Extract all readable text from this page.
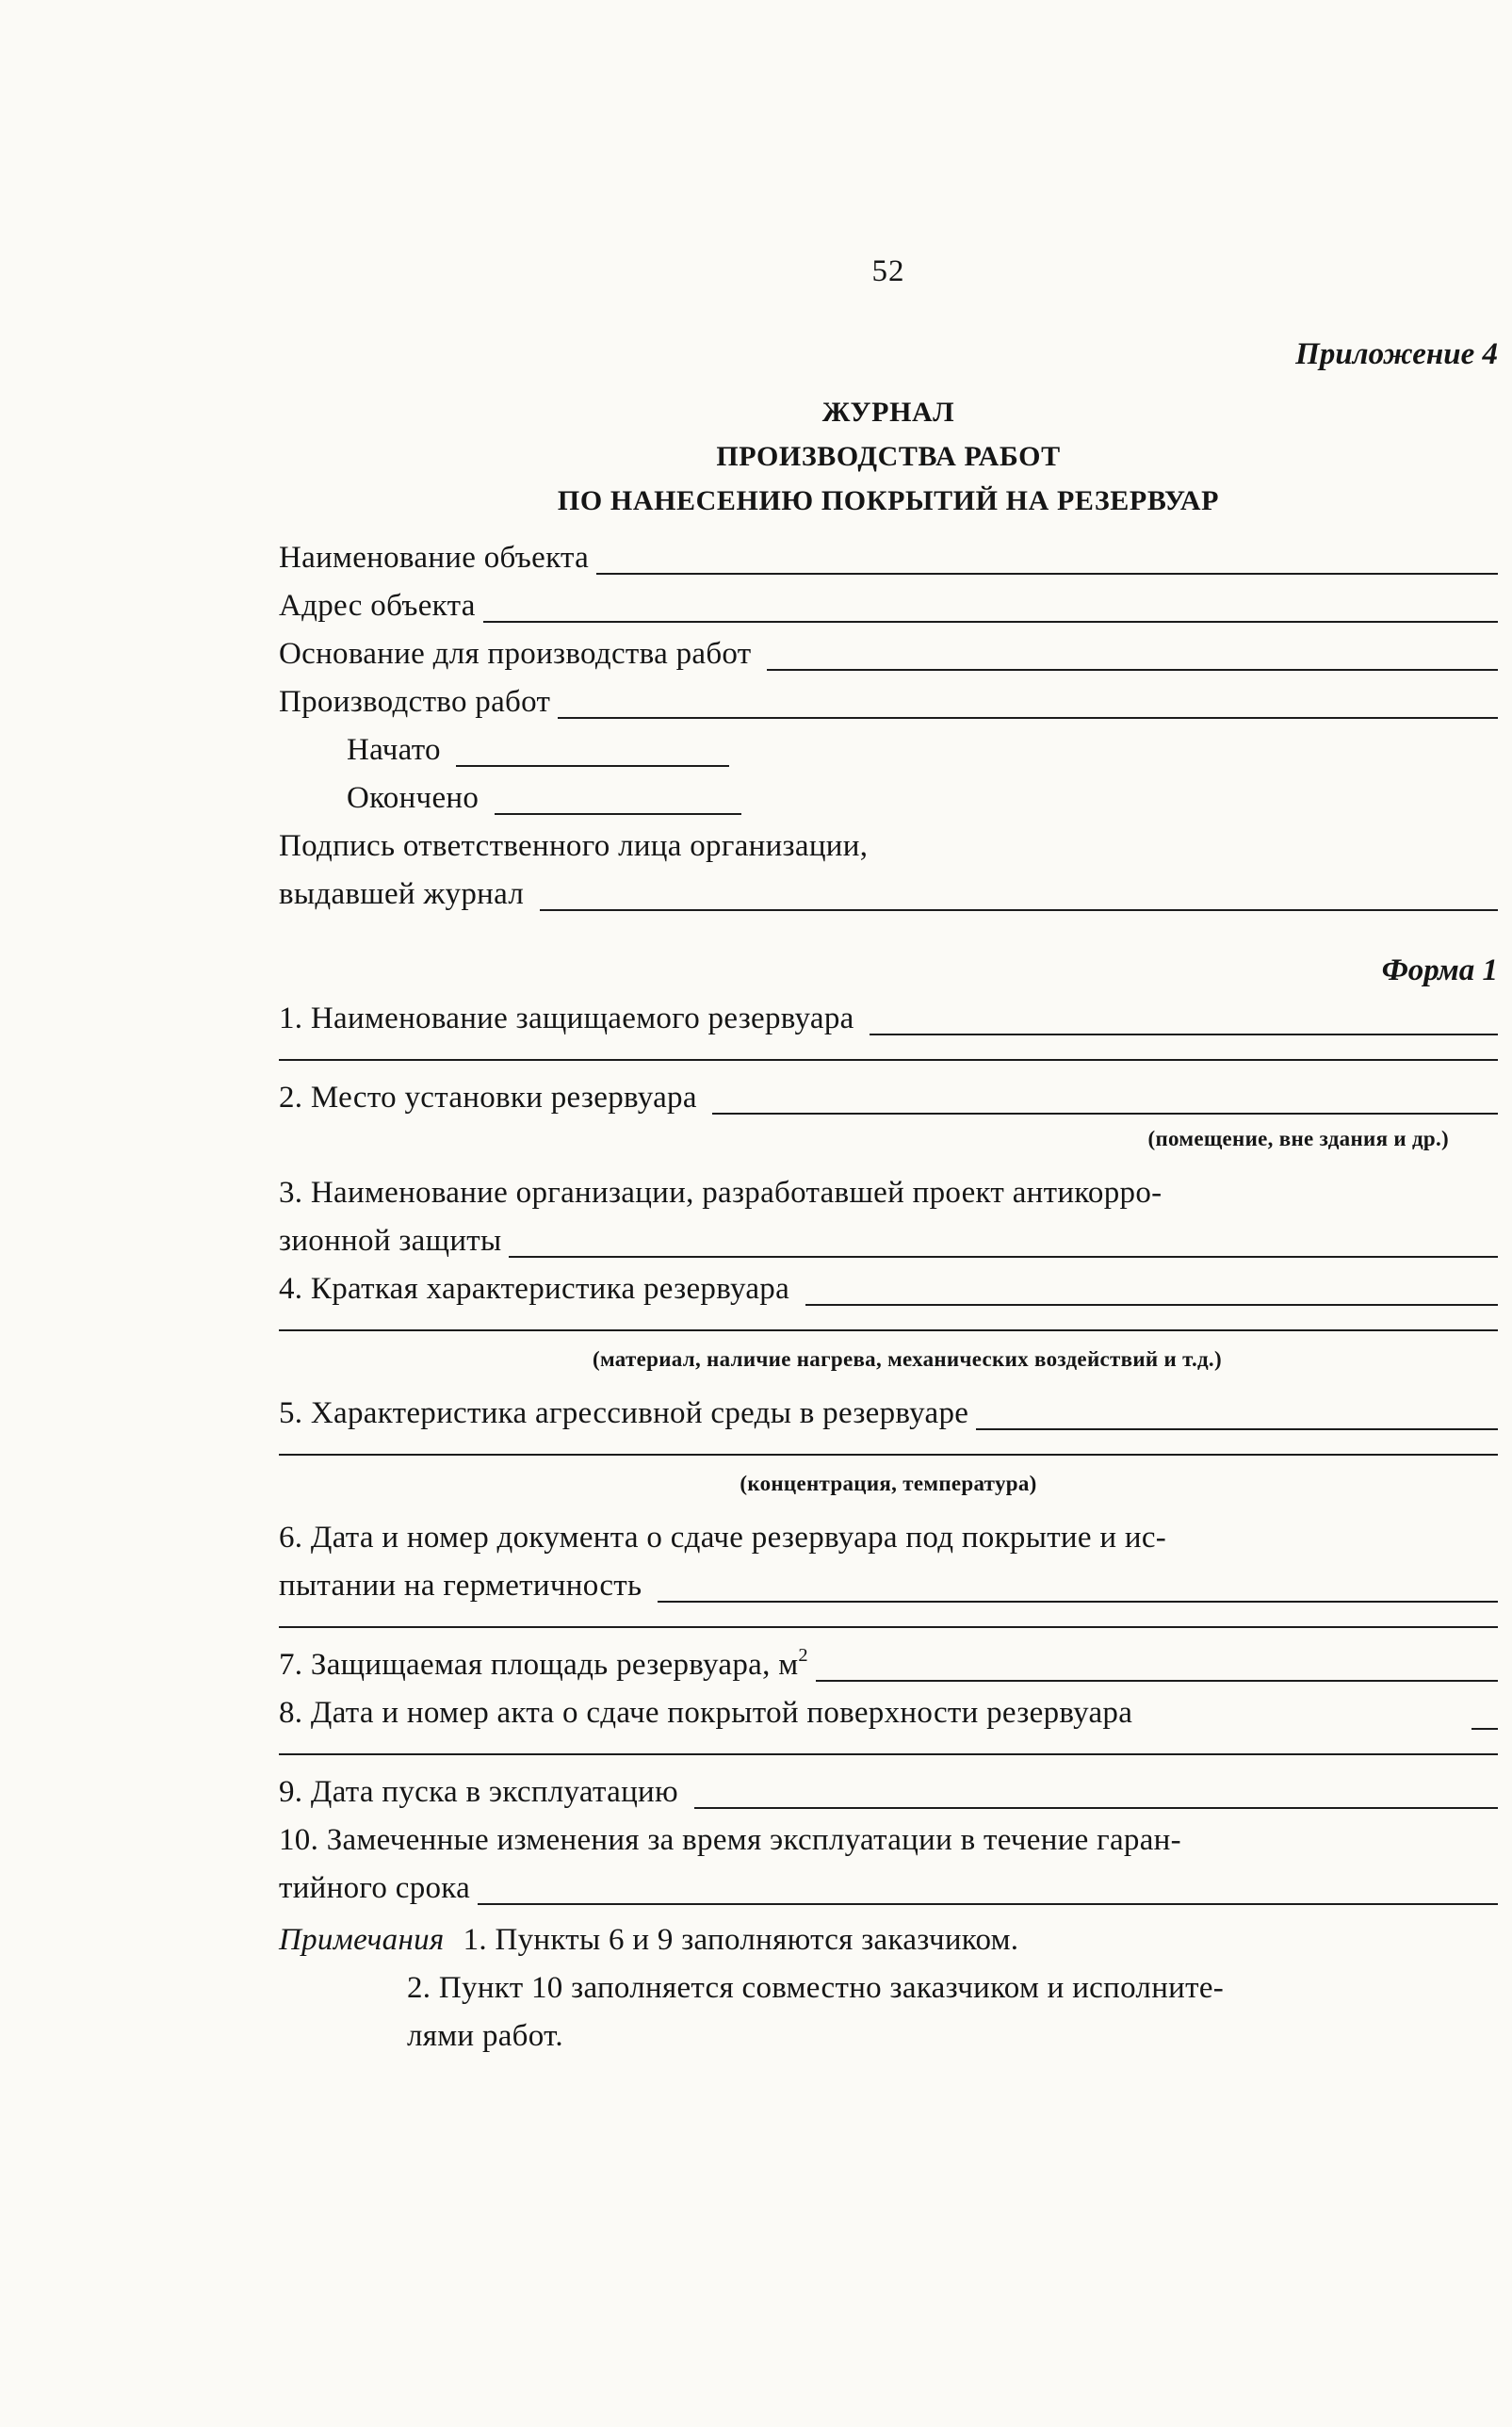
52
Приложение 4
ЖУРНАЛ
ПРОИЗВОДСТВА РАБОТ
ПО НАНЕСЕНИЮ ПОКРЫТИЙ НА РЕЗЕРВУАР
Наименование объекта
Адрес объекта
Основание для производства работ
Производство работ
Начато
Окончено
Подпись ответственного лица организации,
выдавшей журнал
Форма 1
1. Наименование защищаемого резервуара
2. Место установки резервуара
(помещение, вне здания и др.)
3. Наименование организации, разработавшей проект антикорро-
зионной защиты
4. Краткая характеристика резервуара
(материал, наличие нагрева, механических воздействий и т.д.)
5. Характеристика агрессивной среды в резервуаре
(концентрация, температура)
6. Дата и номер документа о сдаче резервуара под покрытие и ис-
пытании на герметичность
7. Защищаемая площадь резервуара, $м^2$
8. Дата и номер акта о сдаче покрытой поверхности резервуара
9. Дата пуска в эксплуатацию
10. Замеченные изменения за время эксплуатации в течение гаран-
тийного срока
Примечания 1. Пункты 6 и 9 заполняются заказчиком.
2. Пункт 10 заполняется совместно заказчиком и исполните-
лями работ.
